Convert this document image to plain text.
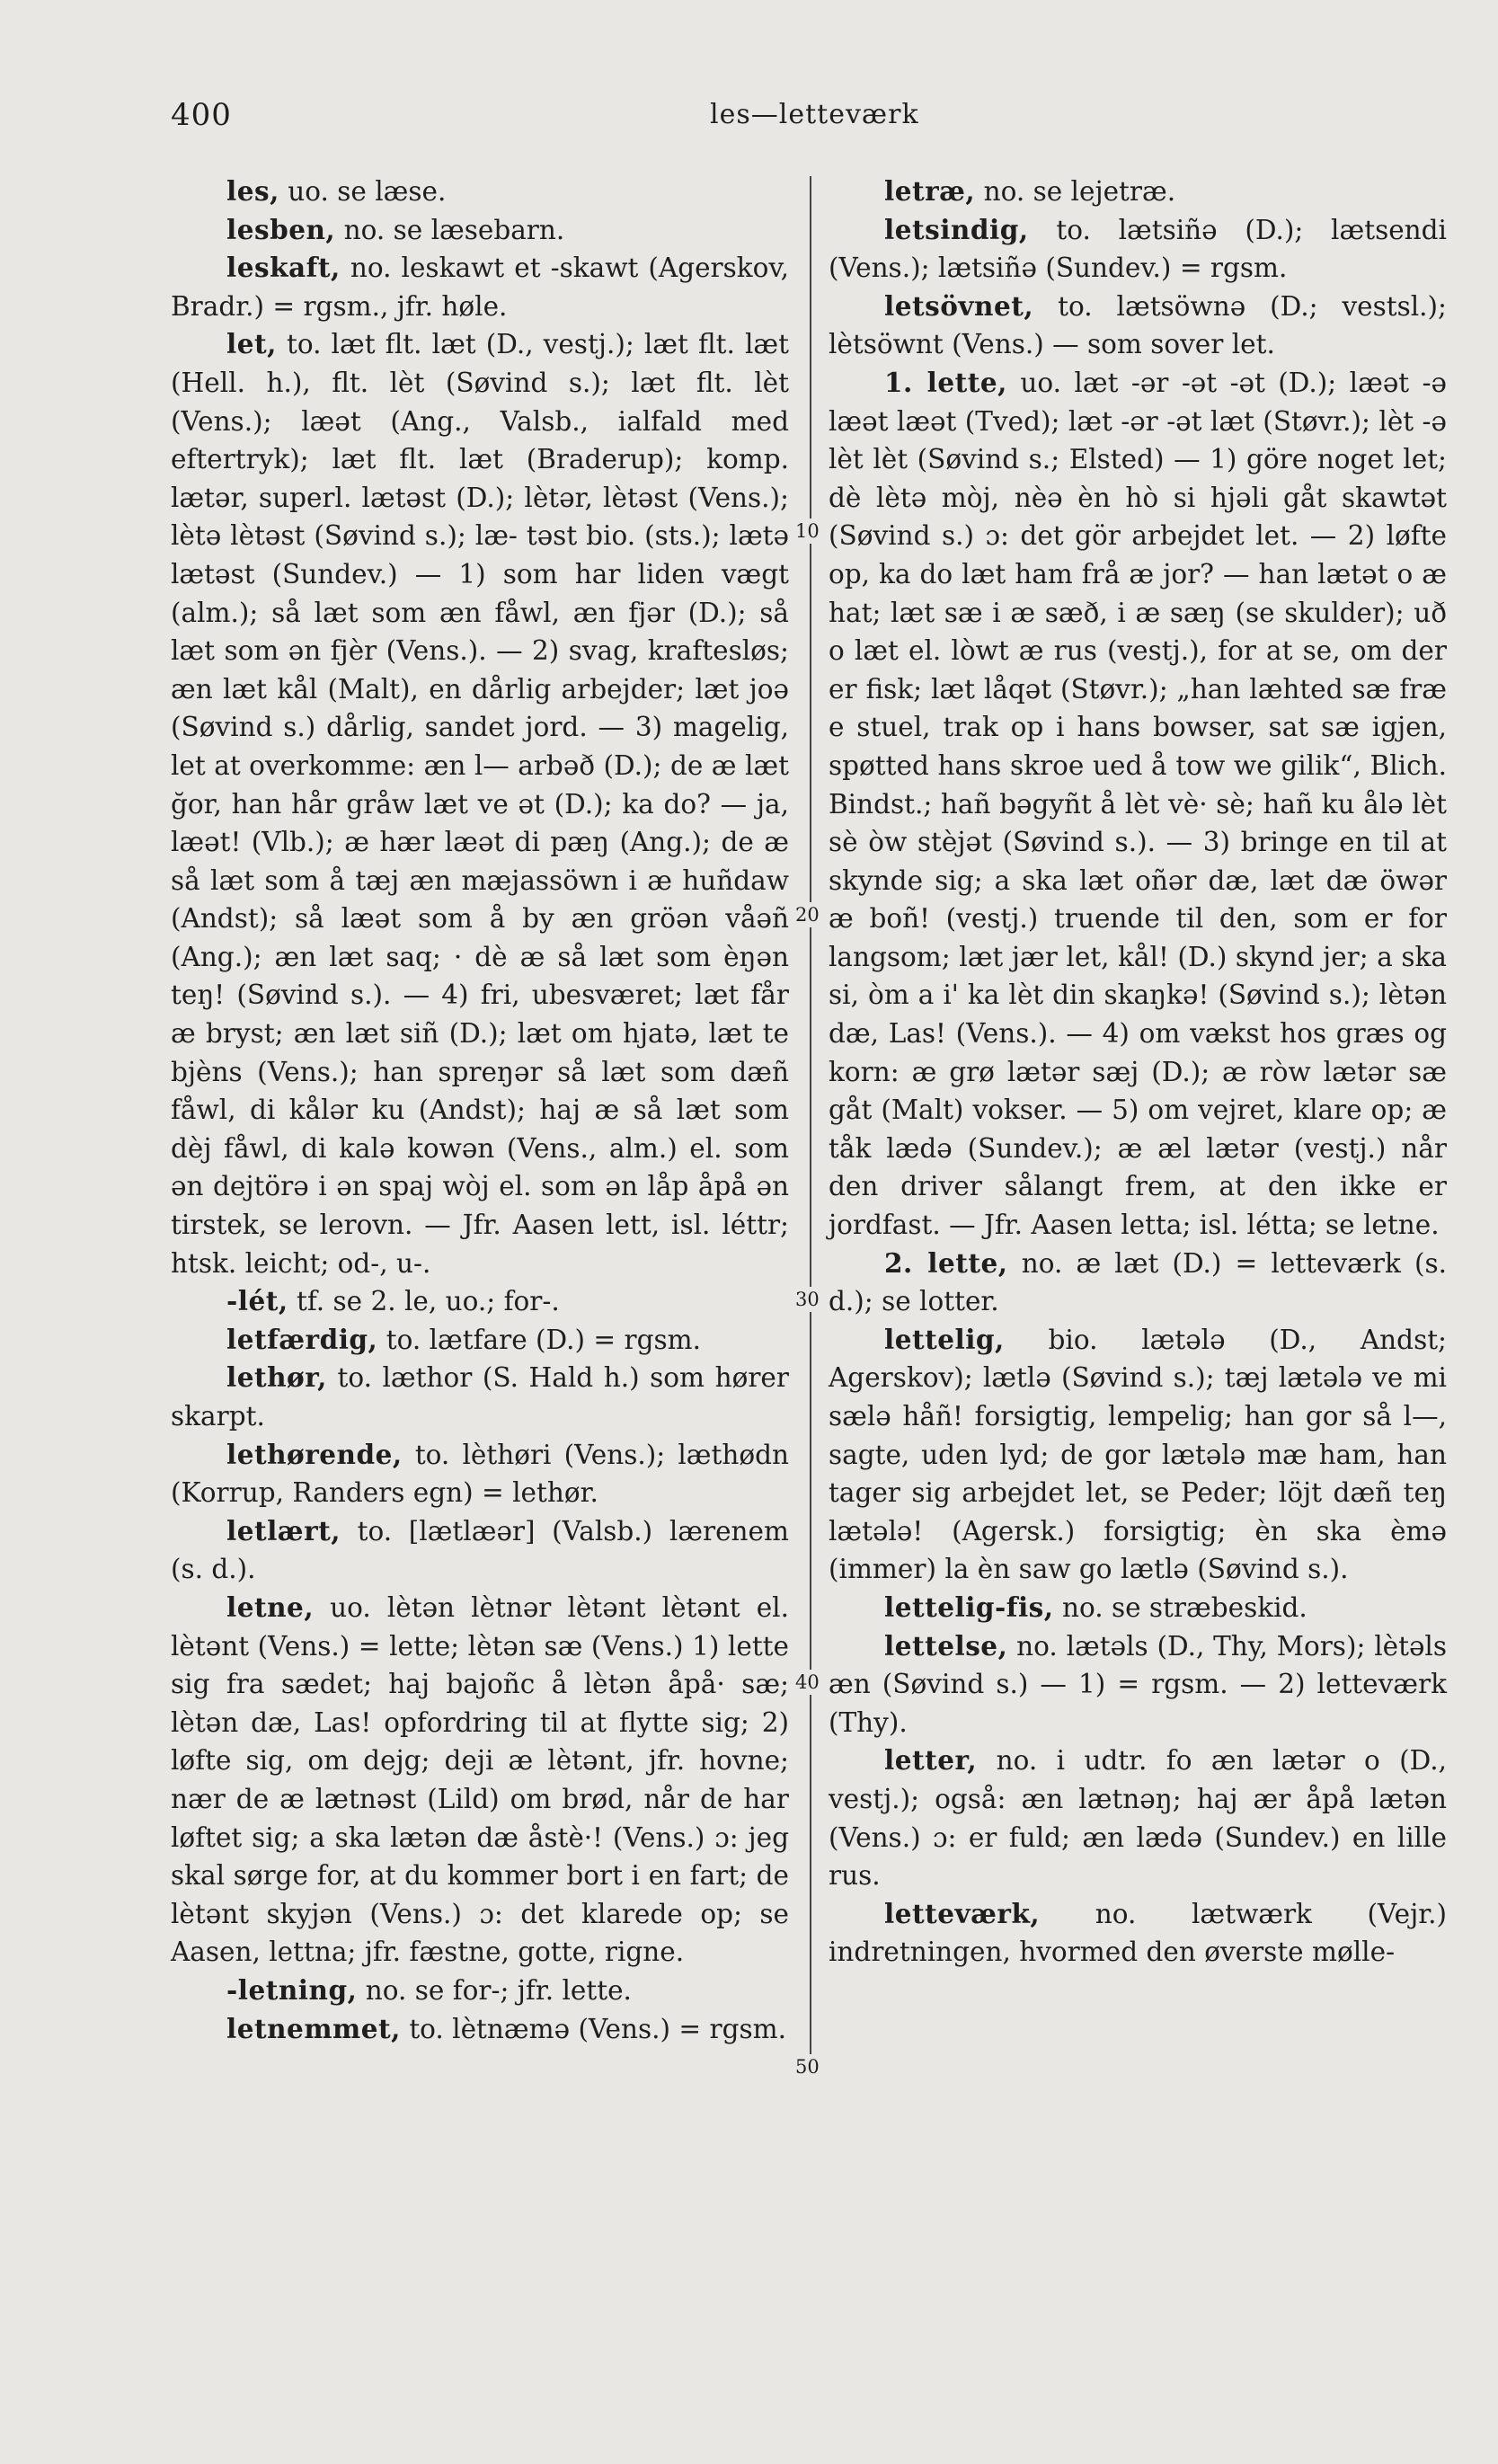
400	les—letteværk

les, uo. se læse.

lesben, no. se læsebarn.

leskaft, no. leskawt et -skawt (Agerskov, Bradr.) = rgsm., jfr. høle.

let, to. læt flt. læt (D., vestj.); læt flt. læt (Hell. h.), flt. lèt (Søvind s.); læt flt. lèt (Vens.); læət (Ang., Valsb., ialfald med eftertryk); læt flt. læt (Braderup); komp. lætər, superl. lætəst (D.); lètər, lètəst (Vens.); lètə lètəst (Søvind s.); læ- təst bio. (sts.); lætə lætəst (Sundev.) — 1) som har liden vægt (alm.); så læt som æn fåwl, æn fjər (D.); så læt som ən fjèr (Vens.). — 2) svag, kraftesløs; æn læt kål (Malt), en dårlig arbejder; læt joə (Søvind s.) dårlig, sandet jord. — 3) magelig, let at overkomme: æn l— arbəð (D.); de æ læt ğor, han hår gråw læt ve ət (D.); ka do? — ja, læət! (Vlb.); æ hær læət di pæŋ (Ang.); de æ så læt som å tæj æn mæjassöwn i æ huñdaw (Andst); så læət som å by æn gröən våəñ (Ang.); æn læt saq; · dè æ så læt som èŋən teŋ! (Søvind s.). — 4) fri, ubesværet; læt får æ bryst; æn læt siñ (D.); læt om hjatə, læt te bjèns (Vens.); han spreŋər så læt som dæñ fåwl, di kålər ku (Andst); haj æ så læt som dèj fåwl, di kalə kowən (Vens., alm.) el. som ən dejtörə i ən spaj wòj el. som ən låp åpå ən tirstek, se lerovn. — Jfr. Aasen lett, isl. léttr; htsk. leicht; od-, u-.

-lét, tf. se 2. le, uo.; for-.

letfærdig, to. lætfare (D.) = rgsm.

lethør, to. læthor (S. Hald h.) som hører skarpt.

lethørende, to. lèthøri (Vens.); læthødn (Korrup, Randers egn) = lethør.

letlært, to. [lætlæər] (Valsb.) lærenem (s. d.).

letne, uo. lètən lètnər lètənt lètənt el. lètənt (Vens.) = lette; lètən sæ (Vens.) 1) lette sig fra sædet; haj bajoñc å lètən åpå· sæ; lètən dæ, Las! opfordring til at flytte sig; 2) løfte sig, om dejg; deji æ lètənt, jfr. hovne; nær de æ lætnəst (Lild) om brød, når de har løftet sig; a ska lætən dæ åstè·! (Vens.) ɔ: jeg skal sørge for, at du kommer bort i en fart; de lètənt skyjən (Vens.) ɔ: det klarede op; se Aasen, lettna; jfr. fæstne, gotte, rigne.

-letning, no. se for-; jfr. lette.

letnemmet, to. lètnæmə (Vens.) = rgsm.

10
20
30
40
50

letræ, no. se lejetræ.

letsindig, to. lætsiñə (D.); lætsendi (Vens.); lætsiñə (Sundev.) = rgsm.

letsövnet, to. lætsöwnə (D.; vestsl.); lètsöwnt (Vens.) — som sover let.

1. lette, uo. læt -ər -ət -ət (D.); læət -ə læət læət (Tved); læt -ər -ət læt (Støvr.); lèt -ə lèt lèt (Søvind s.; Elsted) — 1) göre noget let; dè lètə mòj, nèə èn hò si hjəli gåt skawtət (Søvind s.) ɔ: det gör arbejdet let. — 2) løfte op, ka do læt ham frå æ jor? — han lætət o æ hat; læt sæ i æ sæð, i æ sæŋ (se skulder); uð o læt el. lòwt æ rus (vestj.), for at se, om der er fisk; læt låqət (Støvr.); „han læhted sæ fræ e stuel, trak op i hans bowser, sat sæ igjen, spøtted hans skroe ued å tow we gilik“, Blich. Bindst.; hañ bəgyñt å lèt vè· sè; hañ ku ålə lèt sè òw stèjət (Søvind s.). — 3) bringe en til at skynde sig; a ska læt oñər dæ, læt dæ öwər æ boñ! (vestj.) truende til den, som er for langsom; læt jær let, kål! (D.) skynd jer; a ska si, òm a i' ka lèt din skaŋkə! (Søvind s.); lètən dæ, Las! (Vens.). — 4) om vækst hos græs og korn: æ grø lætər sæj (D.); æ ròw lætər sæ gåt (Malt) vokser. — 5) om vejret, klare op; æ tåk lædə (Sundev.); æ æl lætər (vestj.) når den driver sålangt frem, at den ikke er jordfast. — Jfr. Aasen letta; isl. létta; se letne.

2. lette, no. æ læt (D.) = letteværk (s. d.); se lotter.

lettelig, bio. lætələ (D., Andst; Agerskov); lætlə (Søvind s.); tæj lætələ ve mi sælə håñ! forsigtig, lempelig; han gor så l—, sagte, uden lyd; de gor lætələ mæ ham, han tager sig arbejdet let, se Peder; löjt dæñ teŋ lætələ! (Agersk.) forsigtig; èn ska èmə (immer) la èn saw go lætlə (Søvind s.).

lettelig-fis, no. se stræbeskid.

lettelse, no. lætəls (D., Thy, Mors); lètəls æn (Søvind s.) — 1) = rgsm. — 2) letteværk (Thy).

letter, no. i udtr. fo æn lætər o (D., vestj.); også: æn lætnəŋ; haj ær åpå lætən (Vens.) ɔ: er fuld; æn lædə (Sundev.) en lille rus.

letteværk, no. lætwærk (Vejr.) indretningen, hvormed den øverste mølle-
